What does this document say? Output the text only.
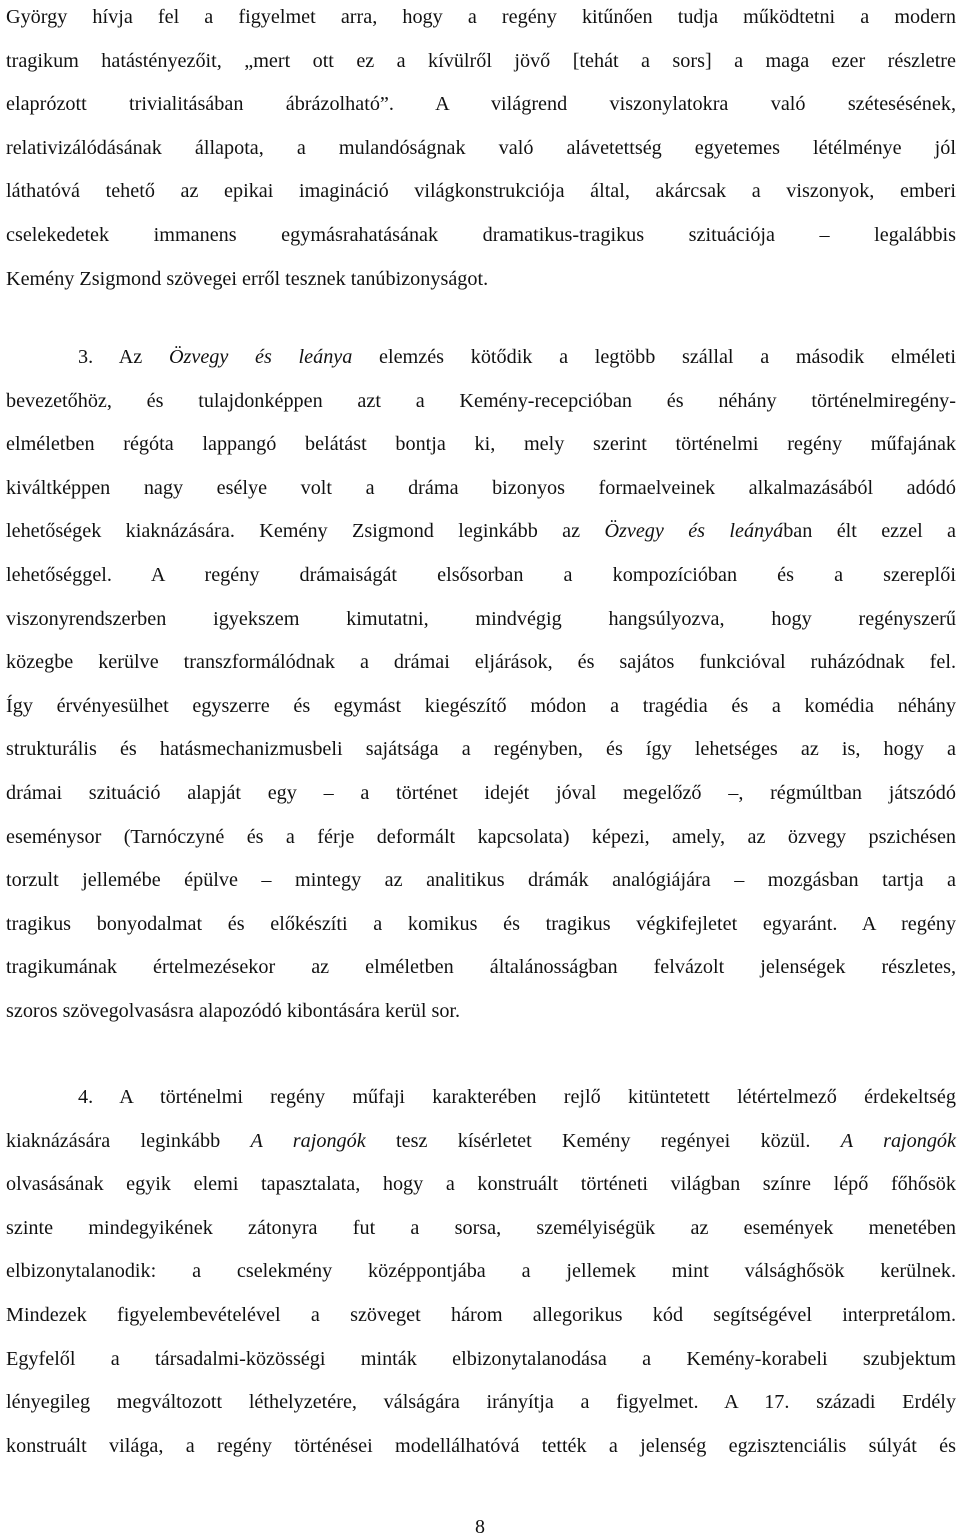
György hívja fel a figyelmet arra, hogy a regény kitűnően tudja működtetni a modern
tragikum hatástényezőit, „mert ott ez a kívülről jövő [tehát a sors] a maga ezer részletre
elaprózott trivialitásában ábrázolható”. A világrend viszonylatokra való szétesésének,
relativizálódásának állapota, a mulandóságnak való alávetettség egyetemes létélménye jól
láthatóvá tehető az epikai imagináció világkonstrukciója által, akárcsak a viszonyok, emberi
cselekedetek immanens egymásrahatásának dramatikus-tragikus szituációja – legalábbis
Kemény Zsigmond szövegei erről tesznek tanúbizonyságot.
3. Az Özvegy és leánya elemzés kötődik a legtöbb szállal a második elméleti
bevezetőhöz, és tulajdonképpen azt a Kemény-recepcióban és néhány történelmiregény-
elméletben régóta lappangó belátást bontja ki, mely szerint történelmi regény műfajának
kiváltképpen nagy esélye volt a dráma bizonyos formaelveinek alkalmazásából adódó
lehetőségek kiaknázására. Kemény Zsigmond leginkább az Özvegy és leányában élt ezzel a
lehetőséggel. A regény drámaiságát elsősorban a kompozícióban és a szereplői
viszonyrendszerben igyekszem kimutatni, mindvégig hangsúlyozva, hogy regényszerű
közegbe kerülve transzformálódnak a drámai eljárások, és sajátos funkcióval ruházódnak fel.
Így érvényesülhet egyszerre és egymást kiegészítő módon a tragédia és a komédia néhány
strukturális és hatásmechanizmusbeli sajátsága a regényben, és így lehetséges az is, hogy a
drámai szituáció alapját egy – a történet idejét jóval megelőző –, régmúltban játszódó
eseménysor (Tarnóczyné és a férje deformált kapcsolata) képezi, amely, az özvegy pszichésen
torzult jellemébe épülve – mintegy az analitikus drámák analógiájára – mozgásban tartja a
tragikus bonyodalmat és előkészíti a komikus és tragikus végkifejletet egyaránt. A regény
tragikumának értelmezésekor az elméletben általánosságban felvázolt jelenségek részletes,
szoros szövegolvasásra alapozódó kibontására kerül sor.
4. A történelmi regény műfaji karakterében rejlő kitüntetett létértelmező érdekeltség
kiaknázására leginkább A rajongók tesz kísérletet Kemény regényei közül. A rajongók
olvasásának egyik elemi tapasztalata, hogy a konstruált történeti világban színre lépő főhősök
szinte mindegyikének zátonyra fut a sorsa, személyiségük az események menetében
elbizonytalanodik: a cselekmény középpontjába a jellemek mint válsághősök kerülnek.
Mindezek figyelembevételével a szöveget három allegorikus kód segítségével interpretálom.
Egyfelől a társadalmi-közösségi minták elbizonytalanodása a Kemény-korabeli szubjektum
lényegileg megváltozott léthelyzetére, válságára irányítja a figyelmet. A 17. századi Erdély
konstruált világa, a regény történései modellálhatóvá tették a jelenség egzisztenciális súlyát és
8
